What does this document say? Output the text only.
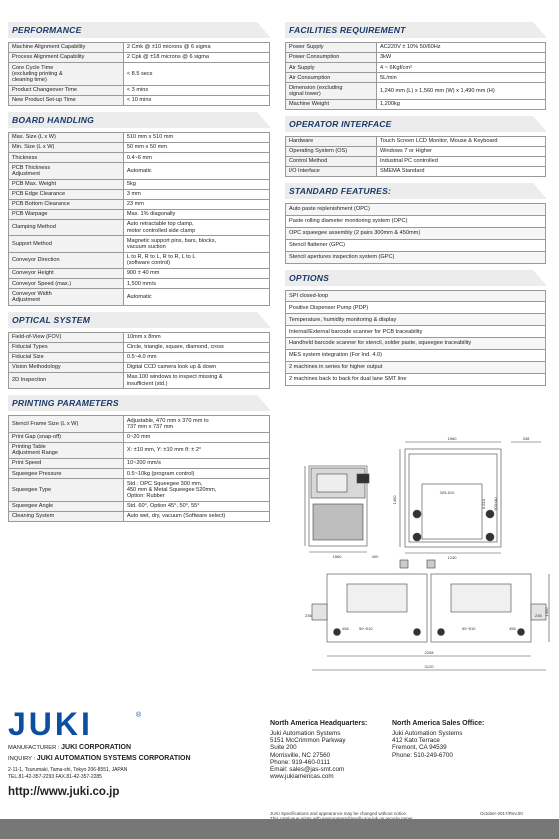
PERFORMANCE
Machine Alignment Capability	2 Cmk @ ±10 microns @ 6 sigma
Process Alignment Capability	2 Cpk @ ±18 microns @ 6 sigma
Core Cycle Time
(excluding printing &
cleaning time)	< 8.5 secs
Product Changeover Time	< 3 mins
New Product Set-up Time	< 10 mins
BOARD HANDLING
Max. Size (L x W)	510 mm x 510 mm
Min. Size (L x W)	50 mm x 50 mm
Thickness	0.4~6 mm
PCB Thickness
Adjustment	Automatic
PCB Max. Weight	5kg
PCB Edge Clearance	3 mm
PCB Bottom Clearance	23 mm
PCB Warpage	Max. 1% diagonally
Clamping Method	Auto retractable top clamp,
motor controlled side clamp
Support Method	Magnetic support pins, bars, blocks,
vacuum suction
Conveyor Direction	L to R, R to L, R to R, L to L
(software control)
Conveyor Height	900 ± 40 mm
Conveyor Speed (max.)	1,500 mm/s
Conveyor Width
Adjustment	Automatic
OPTICAL SYSTEM
Field-of-View (FOV)	10mm x 8mm
Fiducial Types	Circle, triangle, square, diamond, cross
Fiducial Size	0.5~4.0 mm
Vision Methodology	Digital CCD camera look up & down
2D Inspection	Max.100 windows to inspect missing &
insufficient (std.)
PRINTING PARAMETERS
Stencil Frame Size (L x W)	Adjustable, 470 mm x 370 mm to
737 mm x 737 mm
Print Gap (snap-off)	0~20 mm
Printing Table
Adjustment Range	X: ±10 mm, Y: ±10 mm θ: ± 2°
Print Speed	10~200 mm/s
Squeegee Pressure	0.5~10kg (program control)
Squeegee Type	Std.: OPC Squeegee 300 mm,
450 mm & Metal Squeegee 520mm,
Option: Rubber
Squeegee Angle	Std. 60°, Option 45°, 50°, 55°
Cleaning System	Auto wet, dry, vacuum (Software select)
FACILITIES REQUIREMENT
Power Supply	AC220V ± 10% 50/60Hz
Power Consumption	3kW
Air Supply	4 ~ 6Kgf/cm²
Air Consumption	5L/min
Dimension (excluding
signal tower)	1,240 mm (L) x 1,560 mm (W) x 1,490 mm (H)
Machine Weight	1,200kg
OPERATOR INTERFACE
Hardware	Touch Screen LCD Monitor, Mouse & Keyboard
Operating System (OS)	Windows 7 or Higher
Control Method	Industrial PC controlled
I/O Interface	SMEMA Standard
STANDARD FEATURES:
Auto paste replenishment (OPC)
Paste rolling diameter monitoring system (OPC)
OPC squeegee assembly (2 pairs 300mm & 450mm)
Stencil flattener (GPC)
Stencil apertures inspection system (GPC)
OPTIONS
SPI closed-loop
Positive Dispenser Pump (PDP)
Temperature, humidity monitoring & display
Internal/External barcode scanner for PCB traceability
Handheld barcode scanner for stencil, solder paste, squeegee traceability
MES system integration (For Ind. 4.0)
2 machines in series for higher output
2 machines back to back for dual lane SMT line
1960	338
325-510
1240
1560	400
1490	900±40
0-510
236
456	50~510	50~510	456
236
2208
3120
1490
JUKI	®
MANUFACTURER : JUKI CORPORATION
INQUIRY : JUKI AUTOMATION SYSTEMS CORPORATION
2-11-1, Tsurumaki, Tama-shi, Tokyo 206-8551, JAPAN
TEL.81-42-357-2293 FAX.81-42-357-2285
http://www.juki.co.jp
North America Headquarters:
Juki Automation Systems
5151 McCrimmon Parkway
Suite 200
Morrisville, NC 27560
Phone: 919-460-0111
Email: sales@jas-smt.com
www.jukiamericas.com
North America Sales Office:
Juki Automation Systems
412 Kato Terrace
Fremont, CA 94539
Phone: 510-249-6700
JUKI Specifications and appearance may be changed without notice.	October-2017/Rev.00
